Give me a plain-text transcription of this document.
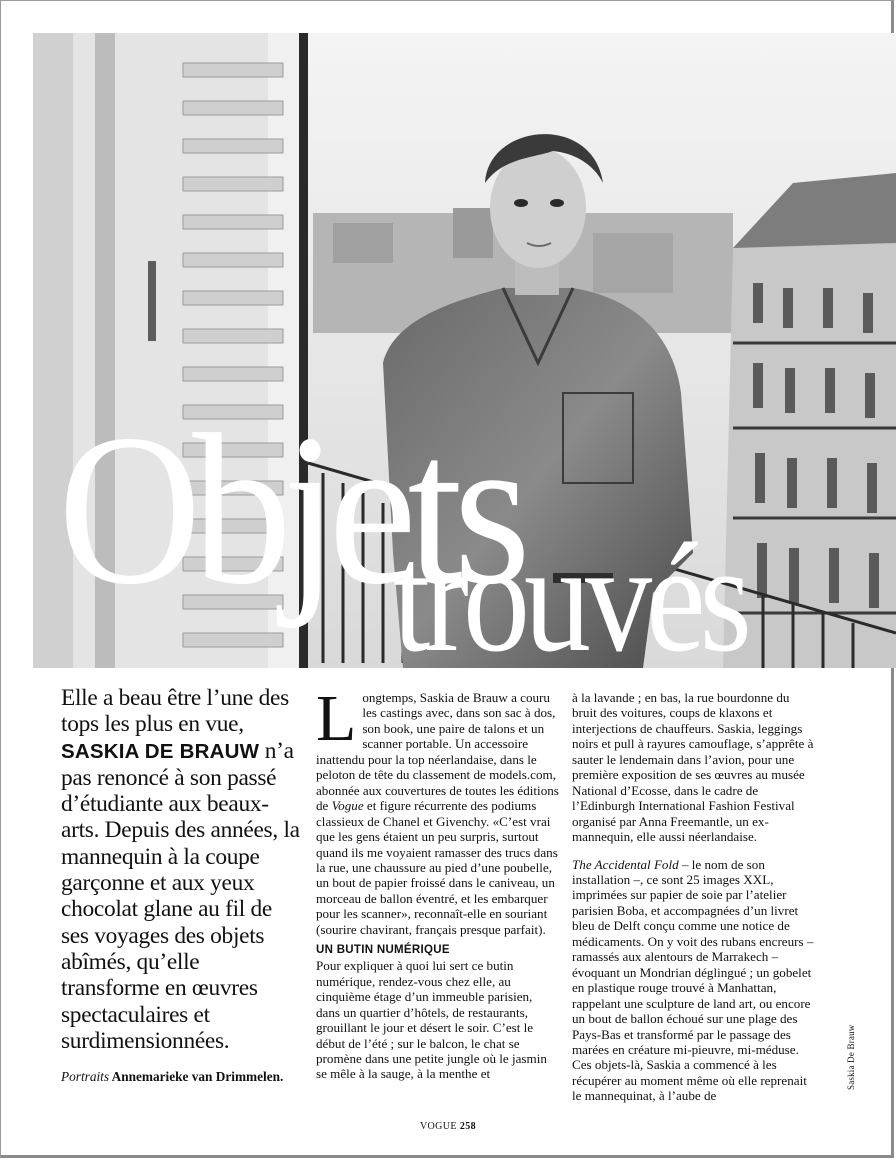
Objets
trouvés
Elle a beau être l’une des tops les plus en vue, SASKIA DE BRAUW n’a pas renoncé à son passé d’étudiante aux beaux-arts. Depuis des années, la mannequin à la coupe garçonne et aux yeux chocolat glane au fil de ses voyages des objets abîmés, qu’elle transforme en œuvres spectaculaires et surdimensionnées.
Portraits Annemarieke van Drimmelen.

Longtemps, Saskia de Brauw a couru les castings avec, dans son sac à dos, son book, une paire de talons et un scanner portable. Un accessoire inattendu pour la top néerlandaise, dans le peloton de tête du classement de models.com, abonnée aux couvertures de toutes les éditions de Vogue et figure récurrente des podiums classieux de Chanel et Givenchy. «C’est vrai que les gens étaient un peu surpris, surtout quand ils me voyaient ramasser des trucs dans la rue, une chaussure au pied d’une poubelle, un bout de papier froissé dans le caniveau, un morceau de ballon éventré, et les embarquer pour les scanner», reconnaît-elle en souriant (sourire chavirant, français presque parfait).

UN BUTIN NUMÉRIQUE

Pour expliquer à quoi lui sert ce butin numérique, rendez-vous chez elle, au cinquième étage d’un immeuble parisien, dans un quartier d’hôtels, de restaurants, grouillant le jour et désert le soir. C’est le début de l’été ; sur le balcon, le chat se promène dans une petite jungle où le jasmin se mêle à la sauge, à la menthe et

à la lavande ; en bas, la rue bourdonne du bruit des voitures, coups de klaxons et interjections de chauffeurs. Saskia, leggings noirs et pull à rayures camouflage, s’apprête à sauter le lendemain dans l’avion, pour une première exposition de ses œuvres au musée National d’Ecosse, dans le cadre de l’Edinburgh International Fashion Festival organisé par Anna Freemantle, un ex-mannequin, elle aussi néerlandaise.

The Accidental Fold – le nom de son installation –, ce sont 25 images XXL, imprimées sur papier de soie par l’atelier parisien Boba, et accompagnées d’un livret bleu de Delft conçu comme une notice de médicaments. On y voit des rubans encreurs – ramassés aux alentours de Marrakech – évoquant un Mondrian déglingué ; un gobelet en plastique rouge trouvé à Manhattan, rappelant une sculpture de land art, ou encore un bout de ballon échoué sur une plage des Pays-Bas et transformé par le passage des marées en créature mi-pieuvre, mi-méduse. Ces objets-là, Saskia a commencé à les récupérer au moment même où elle reprenait le mannequinat, à l’aube de

Saskia De Brauw
VOGUE 258
